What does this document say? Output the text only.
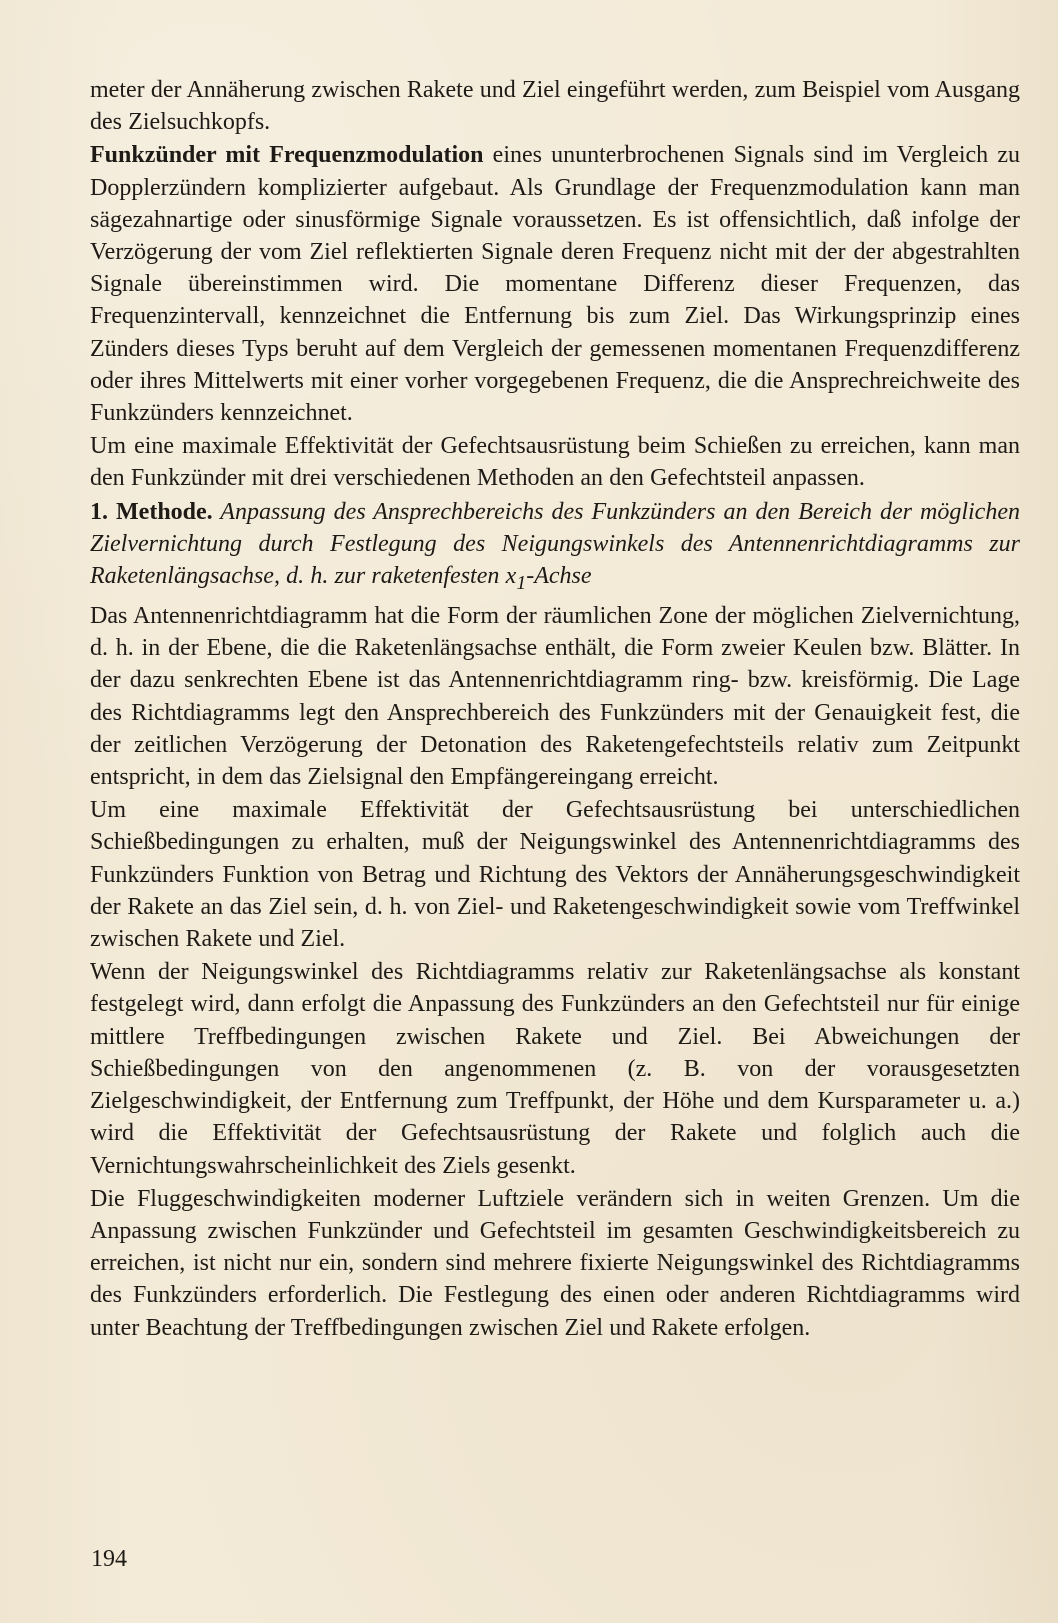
meter der Annäherung zwischen Rakete und Ziel eingeführt werden, zum Beispiel vom Ausgang des Zielsuchkopfs.

Funkzünder mit Frequenzmodulation eines ununterbrochenen Signals sind im Vergleich zu Dopplerzündern komplizierter aufgebaut. Als Grundlage der Frequenzmodulation kann man sägezahnartige oder sinusförmige Signale voraussetzen. Es ist offensichtlich, daß infolge der Verzögerung der vom Ziel reflektierten Signale deren Frequenz nicht mit der der abgestrahlten Signale übereinstimmen wird. Die momentane Differenz dieser Frequenzen, das Frequenzintervall, kennzeichnet die Entfernung bis zum Ziel. Das Wirkungsprinzip eines Zünders dieses Typs beruht auf dem Vergleich der gemessenen momentanen Frequenzdifferenz oder ihres Mittelwerts mit einer vorher vorgegebenen Frequenz, die die Ansprechreichweite des Funkzünders kennzeichnet.

Um eine maximale Effektivität der Gefechtsausrüstung beim Schießen zu erreichen, kann man den Funkzünder mit drei verschiedenen Methoden an den Gefechtsteil anpassen.

1. Methode. Anpassung des Ansprechbereichs des Funkzünders an den Bereich der möglichen Zielvernichtung durch Festlegung des Neigungswinkels des Antennenrichtdiagramms zur Raketenlängsachse, d. h. zur raketenfesten $x_1$-Achse

Das Antennenrichtdiagramm hat die Form der räumlichen Zone der möglichen Zielvernichtung, d. h. in der Ebene, die die Raketenlängsachse enthält, die Form zweier Keulen bzw. Blätter. In der dazu senkrechten Ebene ist das Antennenrichtdiagramm ring- bzw. kreisförmig. Die Lage des Richtdiagramms legt den Ansprechbereich des Funkzünders mit der Genauigkeit fest, die der zeitlichen Verzögerung der Detonation des Raketengefechtsteils relativ zum Zeitpunkt entspricht, in dem das Zielsignal den Empfängereingang erreicht.

Um eine maximale Effektivität der Gefechtsausrüstung bei unterschiedlichen Schießbedingungen zu erhalten, muß der Neigungswinkel des Antennenrichtdiagramms des Funkzünders Funktion von Betrag und Richtung des Vektors der Annäherungsgeschwindigkeit der Rakete an das Ziel sein, d. h. von Ziel- und Raketengeschwindigkeit sowie vom Treffwinkel zwischen Rakete und Ziel.

Wenn der Neigungswinkel des Richtdiagramms relativ zur Raketenlängsachse als konstant festgelegt wird, dann erfolgt die Anpassung des Funkzünders an den Gefechtsteil nur für einige mittlere Treffbedingungen zwischen Rakete und Ziel. Bei Abweichungen der Schießbedingungen von den angenommenen (z. B. von der vorausgesetzten Zielgeschwindigkeit, der Entfernung zum Treffpunkt, der Höhe und dem Kursparameter u. a.) wird die Effektivität der Gefechtsausrüstung der Rakete und folglich auch die Vernichtungswahrscheinlichkeit des Ziels gesenkt.

Die Fluggeschwindigkeiten moderner Luftziele verändern sich in weiten Grenzen. Um die Anpassung zwischen Funkzünder und Gefechtsteil im gesamten Geschwindigkeitsbereich zu erreichen, ist nicht nur ein, sondern sind mehrere fixierte Neigungswinkel des Richtdiagramms des Funkzünders erforderlich. Die Festlegung des einen oder anderen Richtdiagramms wird unter Beachtung der Treffbedingungen zwischen Ziel und Rakete erfolgen.

194
